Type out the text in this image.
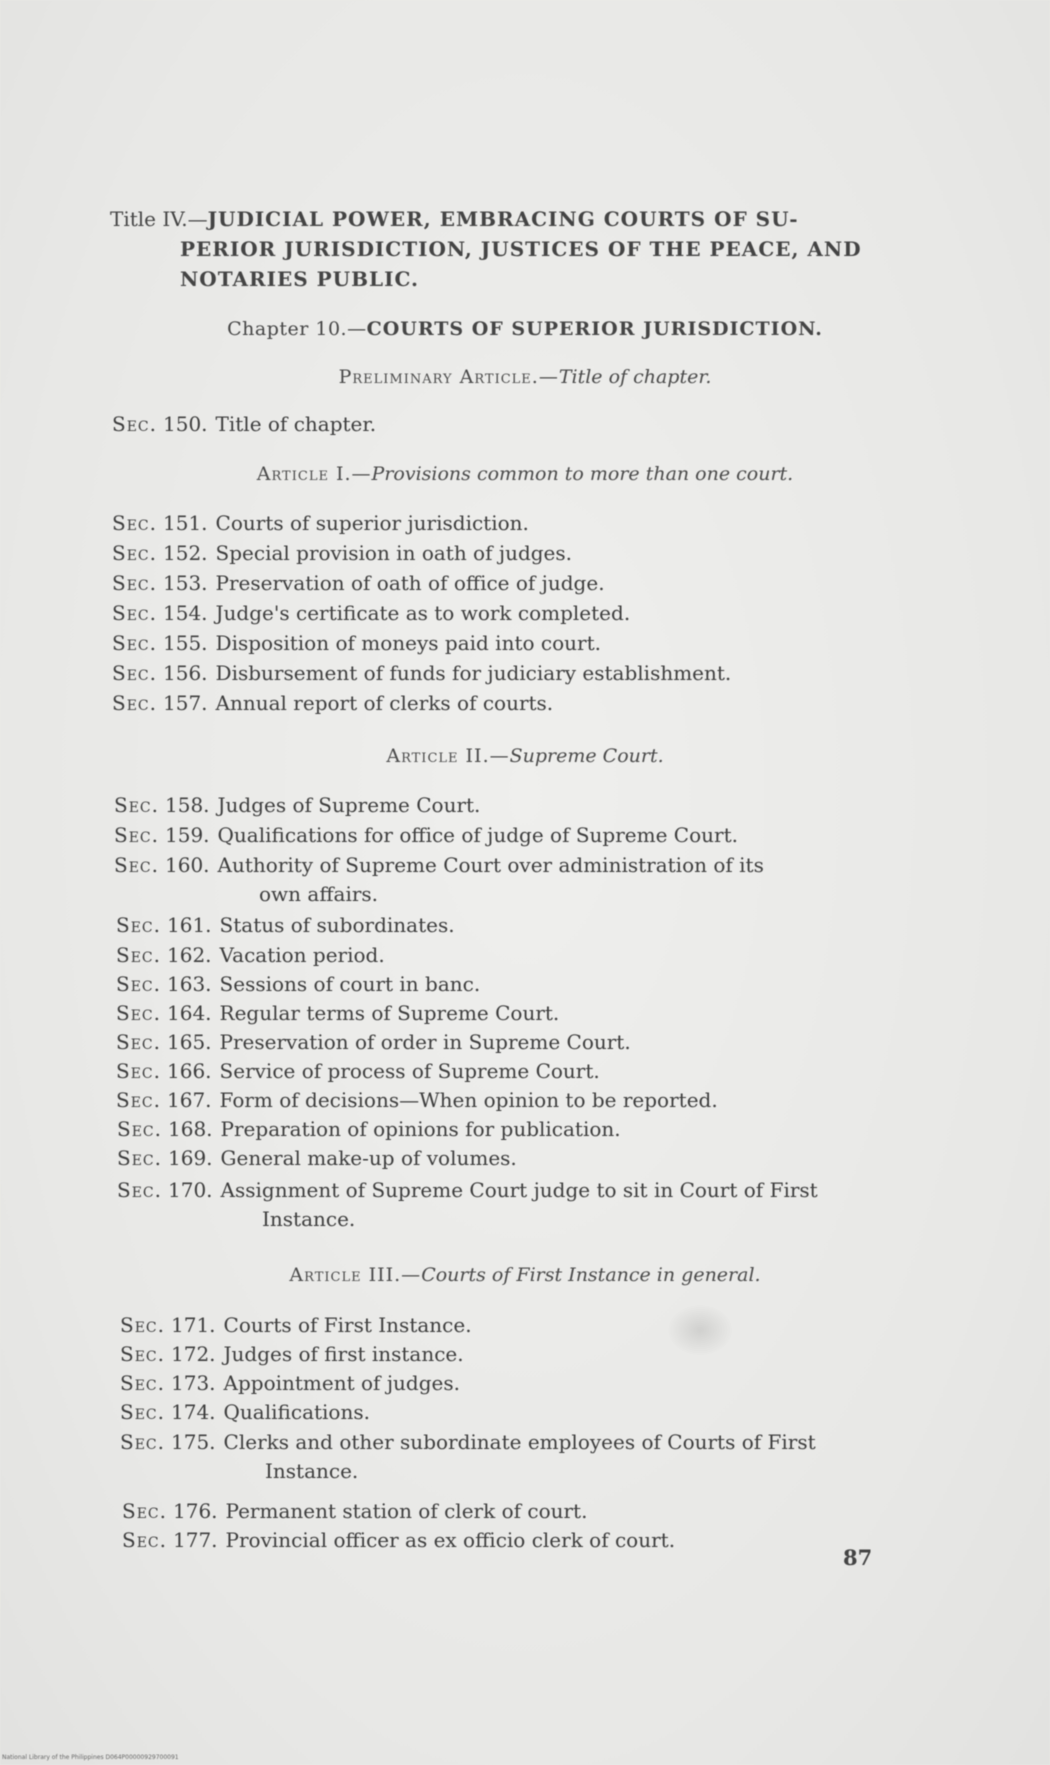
Title IV.—JUDICIAL POWER, EMBRACING COURTS OF SU-
PERIOR JURISDICTION, JUSTICES OF THE PEACE, AND
NOTARIES PUBLIC.
Chapter 10.—COURTS OF SUPERIOR JURISDICTION.
Preliminary Article.—Title of chapter.
Sec. 150. Title of chapter.
Article I.—Provisions common to more than one court.
Sec. 151. Courts of superior jurisdiction.
Sec. 152. Special provision in oath of judges.
Sec. 153. Preservation of oath of office of judge.
Sec. 154. Judge's certificate as to work completed.
Sec. 155. Disposition of moneys paid into court.
Sec. 156. Disbursement of funds for judiciary establishment.
Sec. 157. Annual report of clerks of courts.
Article II.—Supreme Court.
Sec. 158. Judges of Supreme Court.
Sec. 159. Qualifications for office of judge of Supreme Court.
Sec. 160. Authority of Supreme Court over administration of its
own affairs.
Sec. 161. Status of subordinates.
Sec. 162. Vacation period.
Sec. 163. Sessions of court in banc.
Sec. 164. Regular terms of Supreme Court.
Sec. 165. Preservation of order in Supreme Court.
Sec. 166. Service of process of Supreme Court.
Sec. 167. Form of decisions—When opinion to be reported.
Sec. 168. Preparation of opinions for publication.
Sec. 169. General make-up of volumes.
Sec. 170. Assignment of Supreme Court judge to sit in Court of First
Instance.
Article III.—Courts of First Instance in general.
Sec. 171. Courts of First Instance.
Sec. 172. Judges of first instance.
Sec. 173. Appointment of judges.
Sec. 174. Qualifications.
Sec. 175. Clerks and other subordinate employees of Courts of First
Instance.
Sec. 176. Permanent station of clerk of court.
Sec. 177. Provincial officer as ex officio clerk of court.
87
National Library of the Philippines D064P00000929700091
